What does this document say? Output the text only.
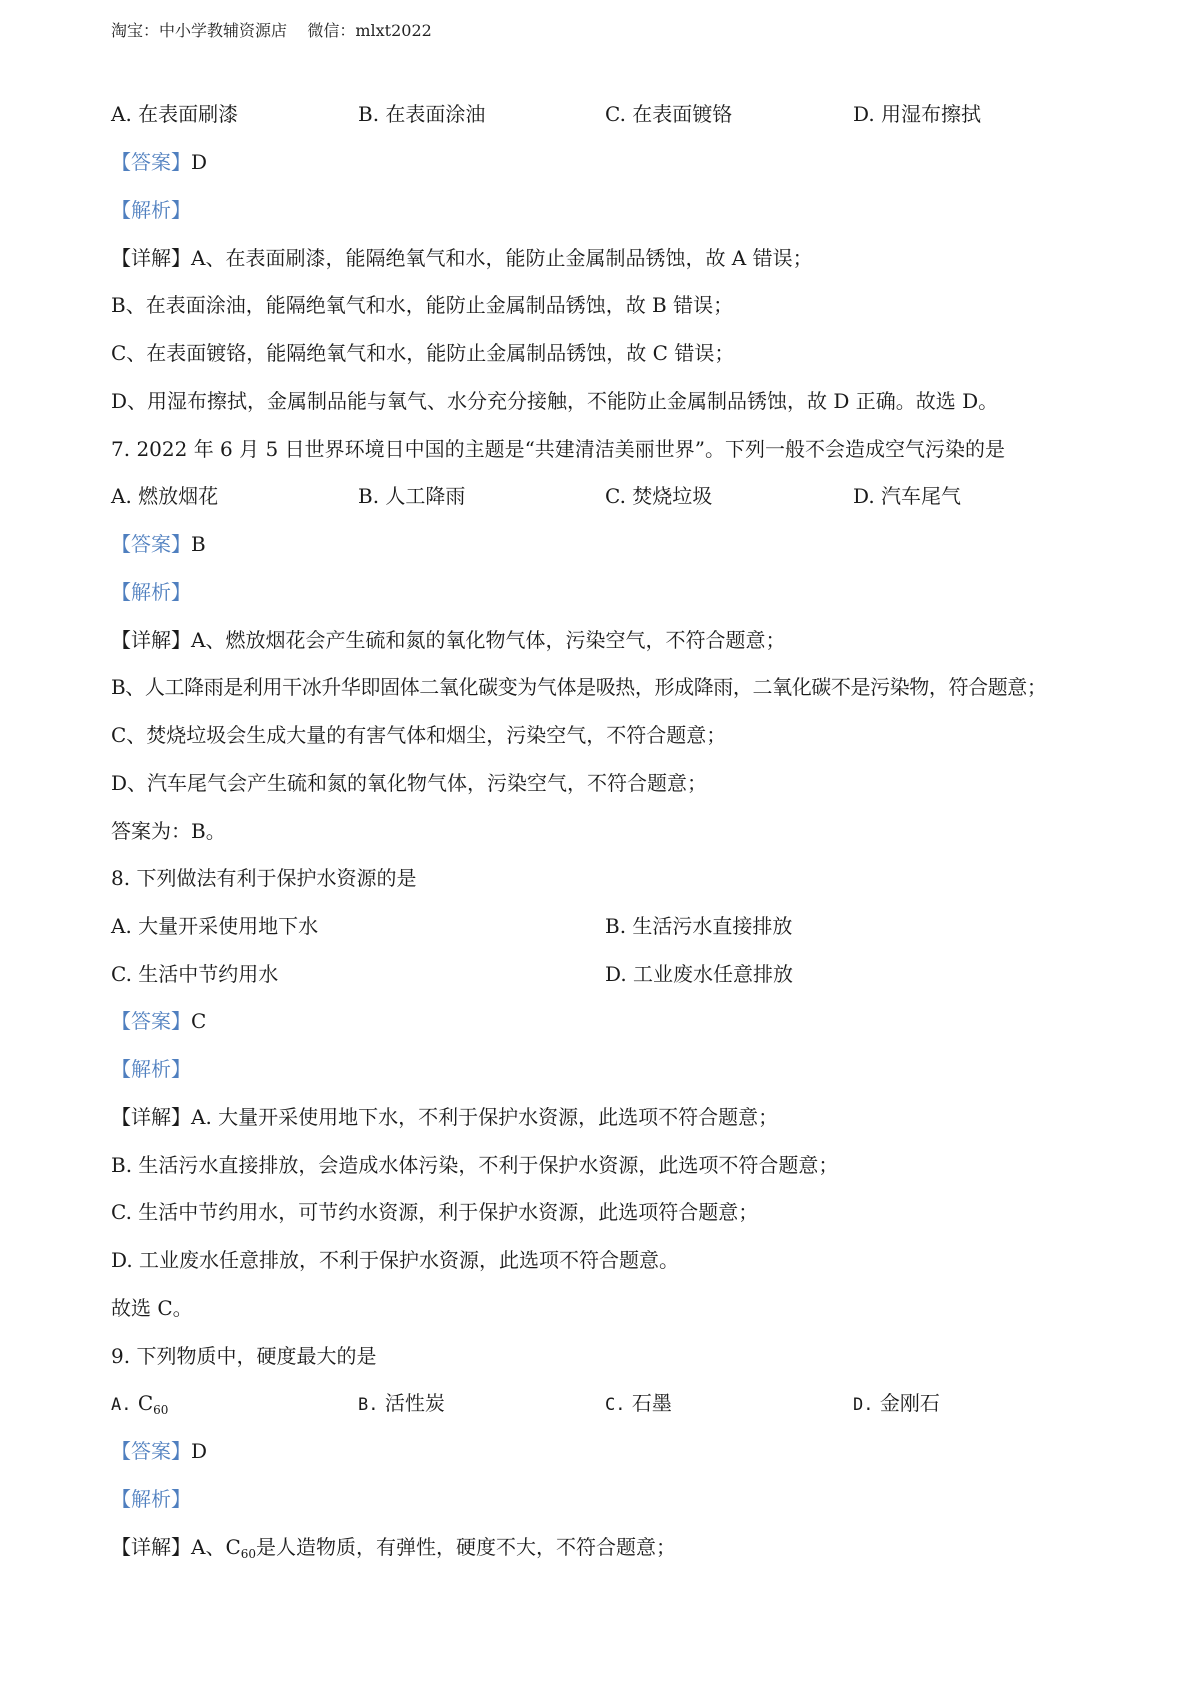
淘宝：中小学教辅资源店    微信：mlxt2022
A. 在表面刷漆	B. 在表面涂油	C. 在表面镀铬	D. 用湿布擦拭
【答案】D
【解析】
【详解】A、在表面刷漆，能隔绝氧气和水，能防止金属制品锈蚀，故 A 错误；
B、在表面涂油，能隔绝氧气和水，能防止金属制品锈蚀，故 B 错误；
C、在表面镀铬，能隔绝氧气和水，能防止金属制品锈蚀，故 C 错误；
D、用湿布擦拭，金属制品能与氧气、水分充分接触，不能防止金属制品锈蚀，故 D 正确。故选 D。
7. 2022 年 6 月 5 日世界环境日中国的主题是“共建清洁美丽世界”。下列一般不会造成空气污染的是
A. 燃放烟花	B. 人工降雨	C. 焚烧垃圾	D. 汽车尾气
【答案】B
【解析】
【详解】A、燃放烟花会产生硫和氮的氧化物气体，污染空气，不符合题意；
B、人工降雨是利用干冰升华即固体二氧化碳变为气体是吸热，形成降雨，二氧化碳不是污染物，符合题意；
C、焚烧垃圾会生成大量的有害气体和烟尘，污染空气，不符合题意；
D、汽车尾气会产生硫和氮的氧化物气体，污染空气，不符合题意；
答案为：B。
8. 下列做法有利于保护水资源的是
A. 大量开采使用地下水	B. 生活污水直接排放
C. 生活中节约用水	D. 工业废水任意排放
【答案】C
【解析】
【详解】A. 大量开采使用地下水，不利于保护水资源，此选项不符合题意；
B. 生活污水直接排放，会造成水体污染，不利于保护水资源，此选项不符合题意；
C. 生活中节约用水，可节约水资源，利于保护水资源，此选项符合题意；
D. 工业废水任意排放，不利于保护水资源，此选项不符合题意。
故选 C。
9. 下列物质中，硬度最大的是
A. $C_{60}$	B. 活性炭	C. 石墨	D. 金刚石
【答案】D
【解析】
【详解】A、$C_{60}$是人造物质，有弹性，硬度不大，不符合题意；
